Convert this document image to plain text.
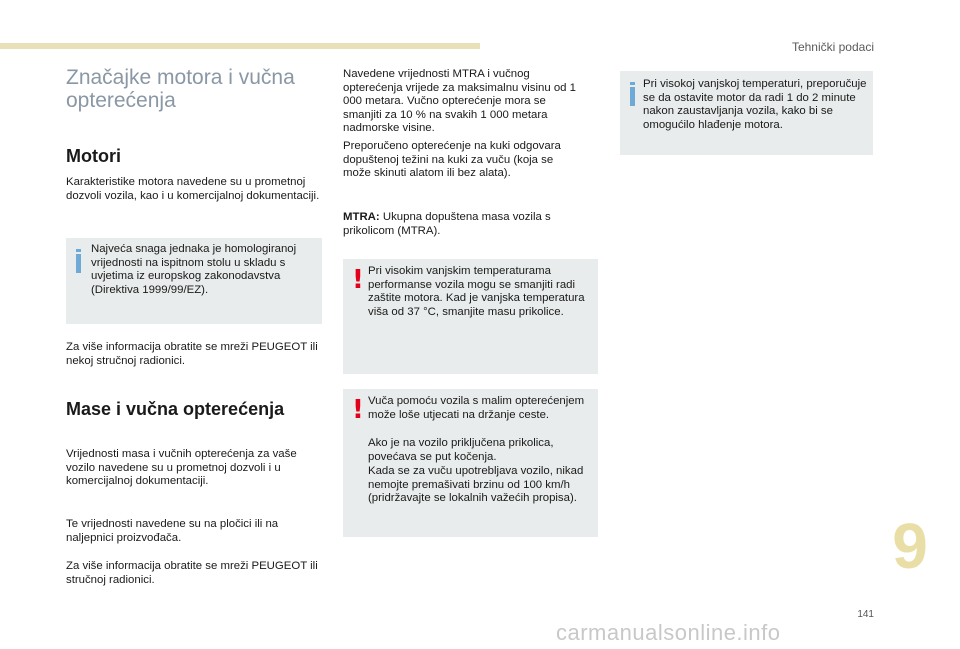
Tehnički podaci
Značajke motora i vučna opterećenja
Motori

Karakteristike motora navedene su u prometnoj dozvoli vozila, kao i u komercijalnoj dokumentaciji.

Najveća snaga jednaka je homologiranoj vrijednosti na ispitnom stolu u skladu s uvjetima iz europskog zakonodavstva (Direktiva 1999/99/EZ).

Za više informacija obratite se mreži PEUGEOT ili nekoj stručnoj radionici.

Mase i vučna opterećenja

Vrijednosti masa i vučnih opterećenja za vaše vozilo navedene su u prometnoj dozvoli i u komercijalnoj dokumentaciji.

Te vrijednosti navedene su na pločici ili na naljepnici proizvođača.

Za više informacija obratite se mreži PEUGEOT ili stručnoj radionici.

Navedene vrijednosti MTRA i vučnog opterećenja vrijede za maksimalnu visinu od 1 000 metara. Vučno opterećenje mora se smanjiti za 10 % na svakih 1 000 metara nadmorske visine.

Preporučeno opterećenje na kuki odgovara dopuštenoj težini na kuki za vuču (koja se može skinuti alatom ili bez alata).

MTRA: Ukupna dopuštena masa vozila s prikolicom (MTRA).

! Pri visokim vanjskim temperaturama performanse vozila mogu se smanjiti radi zaštite motora. Kad je vanjska temperatura viša od 37 °C, smanjite masu prikolice.

! Vuča pomoću vozila s malim opterećenjem može loše utjecati na držanje ceste.

Ako je na vozilo priključena prikolica, povećava se put kočenja.

Kada se za vuču upotrebljava vozilo, nikad nemojte premašivati brzinu od 100 km/h (pridržavajte se lokalnih važećih propisa).

Pri visokoj vanjskoj temperaturi, preporučuje se da ostavite motor da radi 1 do 2 minute nakon zaustavljanja vozila, kako bi se omogućilo hlađenje motora.

9
141
carmanualsonline.info
